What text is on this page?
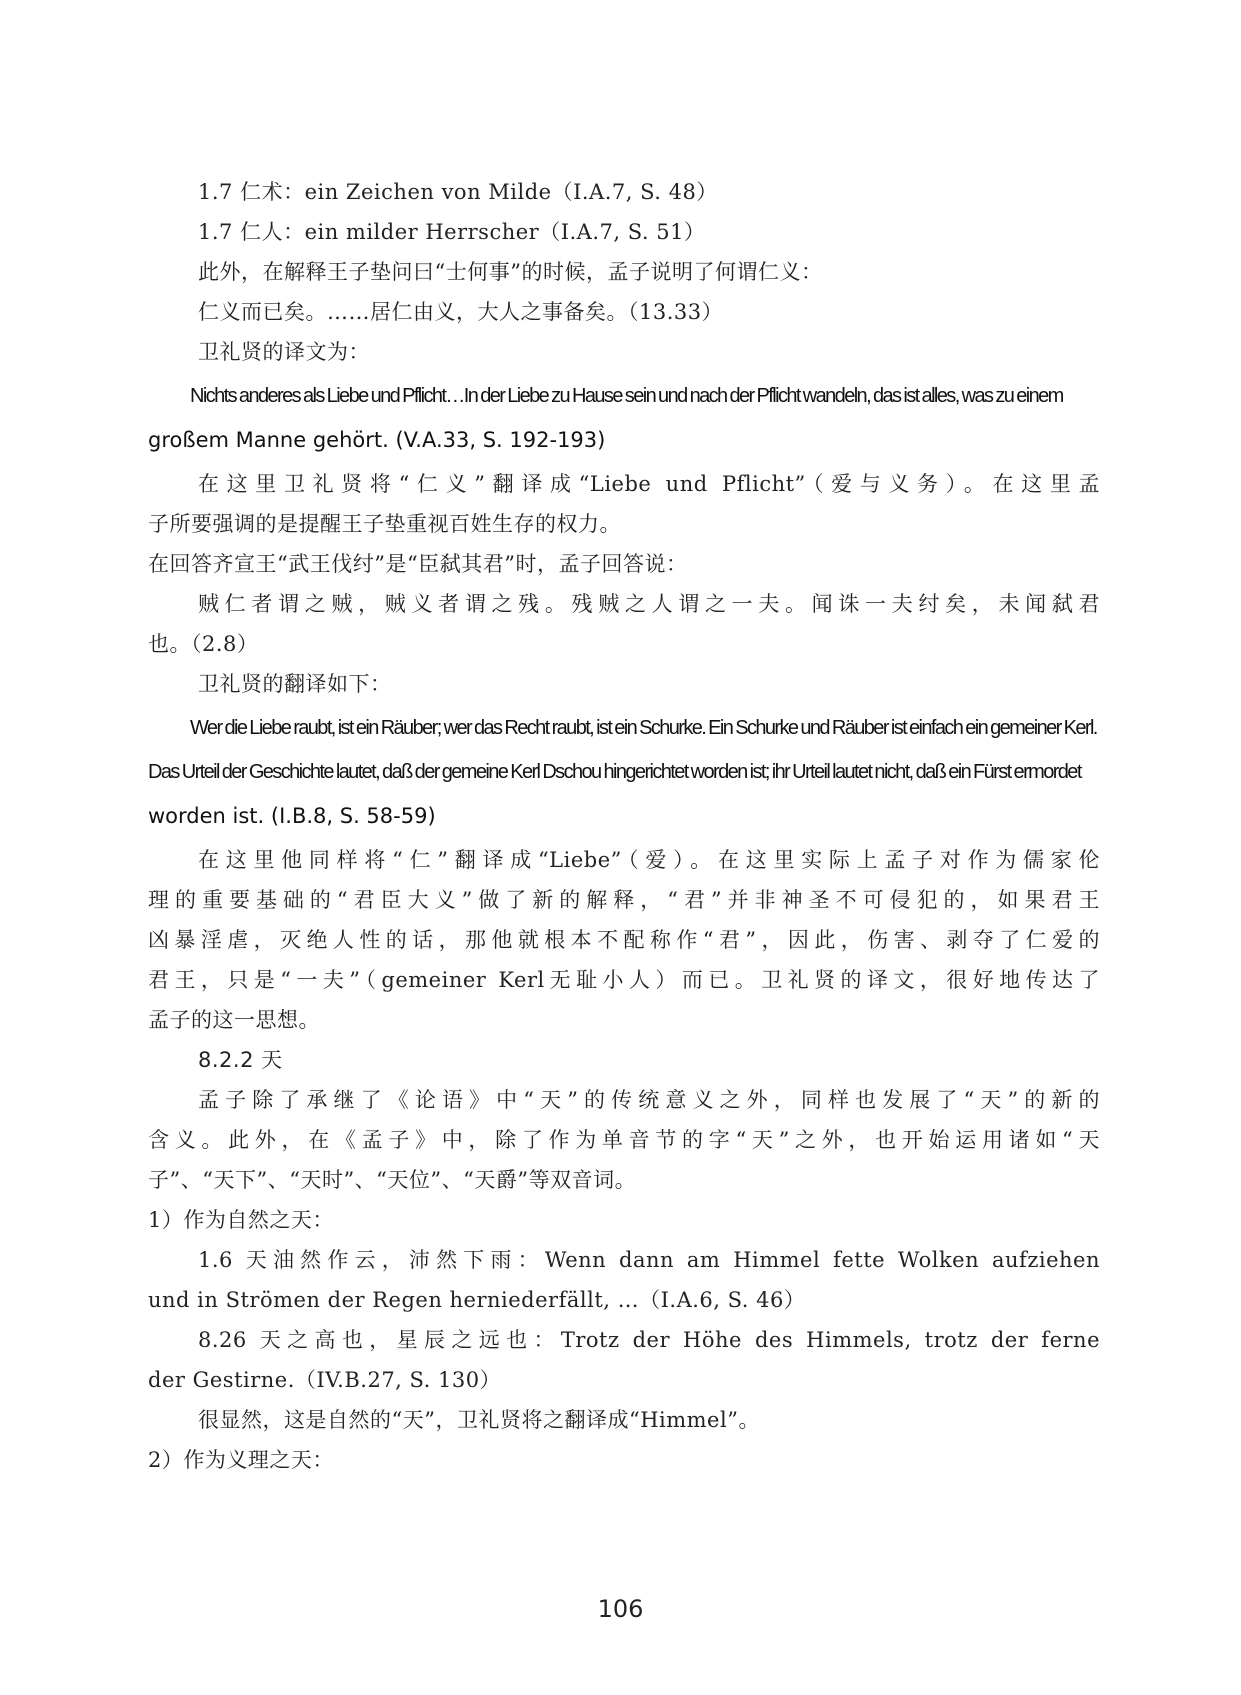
1.7 仁术：ein Zeichen von Milde（I.A.7, S. 48）
1.7 仁人：ein milder Herrscher（I.A.7, S. 51）
此外，在解释王子垫问曰“士何事”的时候，孟子说明了何谓仁义：
仁义而已矣。……居仁由义，大人之事备矣。（13.33）
卫礼贤的译文为：
Nichts anderes als Liebe und Pflicht…In der Liebe zu Hause sein und nach der Pflicht wandeln, das ist alles, was zu einem
großem Manne gehört. (V.A.33, S. 192-193)
在这里卫礼贤将“仁义”翻译成“Liebe und Pflicht”（爱与义务）。在这里孟
子所要强调的是提醒王子垫重视百姓生存的权力。
在回答齐宣王“武王伐纣”是“臣弑其君”时，孟子回答说：
贼仁者谓之贼，贼义者谓之残。残贼之人谓之一夫。闻诛一夫纣矣，未闻弑君
也。（2.8）
卫礼贤的翻译如下：
Wer die Liebe raubt, ist ein Räuber; wer das Recht raubt, ist ein Schurke. Ein Schurke und Räuber ist einfach ein gemeiner Kerl.
Das Urteil der Geschichte lautet, daß der gemeine Kerl Dschou hingerichtet worden ist; ihr Urteil lautet nicht, daß ein Fürst ermordet
worden ist. (I.B.8, S. 58-59)
在这里他同样将“仁”翻译成“Liebe”（爱）。在这里实际上孟子对作为儒家伦
理的重要基础的“君臣大义”做了新的解释，“君”并非神圣不可侵犯的，如果君王
凶暴淫虐，灭绝人性的话，那他就根本不配称作“君”，因此，伤害、剥夺了仁爱的
君王，只是“一夫”（gemeiner Kerl无耻小人）而已。卫礼贤的译文，很好地传达了
孟子的这一思想。
8.2.2 天
孟子除了承继了《论语》中“天”的传统意义之外，同样也发展了“天”的新的
含义。此外，在《孟子》中，除了作为单音节的字“天”之外，也开始运用诸如“天
子”、“天下”、“天时”、“天位”、“天爵”等双音词。
1）作为自然之天：
1.6 天油然作云，沛然下雨：Wenn dann am Himmel fette Wolken aufziehen
und in Strömen der Regen herniederfällt, …（I.A.6, S. 46）
8.26 天之高也，星辰之远也：Trotz der Höhe des Himmels, trotz der ferne
der Gestirne.（IV.B.27, S. 130）
很显然，这是自然的“天”，卫礼贤将之翻译成“Himmel”。
2）作为义理之天：
106
